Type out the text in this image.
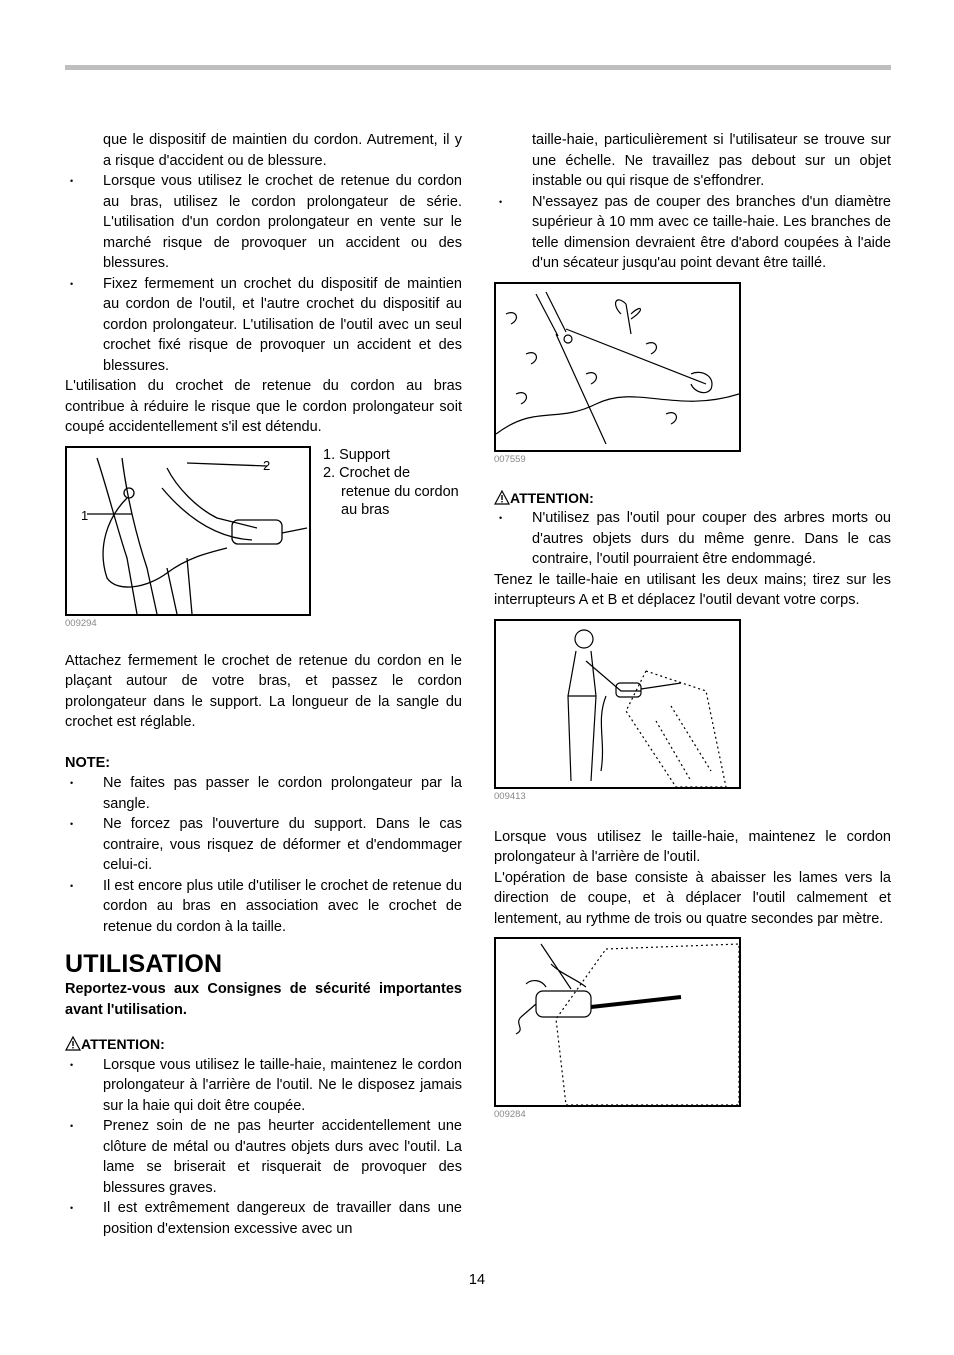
que le dispositif de maintien du cordon. Autrement, il y a risque d'accident ou de blessure.

• Lorsque vous utilisez le crochet de retenue du cordon au bras, utilisez le cordon prolongateur de série. L'utilisation d'un cordon prolongateur en vente sur le marché risque de provoquer un accident ou des blessures.
• Fixez fermement un crochet du dispositif de maintien au cordon de l'outil, et l'autre crochet du dispositif au cordon prolongateur. L'utilisation de l'outil avec un seul crochet fixé risque de provoquer un accident et des blessures.

L'utilisation du crochet de retenue du cordon au bras contribue à réduire le risque que le cordon prolongateur soit coupé accidentellement s'il est détendu.

1
2
009294
1. Support
2. Crochet de retenue du cordon au bras

Attachez fermement le crochet de retenue du cordon en le plaçant autour de votre bras, et passez le cordon prolongateur dans le support. La longueur de la sangle du crochet est réglable.

NOTE:

• Ne faites pas passer le cordon prolongateur par la sangle.
• Ne forcez pas l'ouverture du support. Dans le cas contraire, vous risquez de déformer et d'endommager celui-ci.
• Il est encore plus utile d'utiliser le crochet de retenue du cordon au bras en association avec le crochet de retenue du cordon à la taille.
UTILISATION

Reportez-vous aux Consignes de sécurité importantes avant l'utilisation.

ATTENTION:
• Lorsque vous utilisez le taille-haie, maintenez le cordon prolongateur à l'arrière de l'outil. Ne le disposez jamais sur la haie qui doit être coupée.
• Prenez soin de ne pas heurter accidentellement une clôture de métal ou d'autres objets durs avec l'outil. La lame se briserait et risquerait de provoquer des blessures graves.
• Il est extrêmement dangereux de travailler dans une position d'extension excessive avec un

taille-haie, particulièrement si l'utilisateur se trouve sur une échelle. Ne travaillez pas debout sur un objet instable ou qui risque de s'effondrer.

• N'essayez pas de couper des branches d'un diamètre supérieur à 10 mm avec ce taille-haie. Les branches de telle dimension devraient être d'abord coupées à l'aide d'un sécateur jusqu'au point devant être taillé.
007559
ATTENTION:
• N'utilisez pas l'outil pour couper des arbres morts ou d'autres objets durs du même genre. Dans le cas contraire, l'outil pourraient être endommagé.

Tenez le taille-haie en utilisant les deux mains; tirez sur les interrupteurs A et B et déplacez l'outil devant votre corps.

009413

Lorsque vous utilisez le taille-haie, maintenez le cordon prolongateur à l'arrière de l'outil.

L'opération de base consiste à abaisser les lames vers la direction de coupe, et à déplacer l'outil calmement et lentement, au rythme de trois ou quatre secondes par mètre.

009284
14
